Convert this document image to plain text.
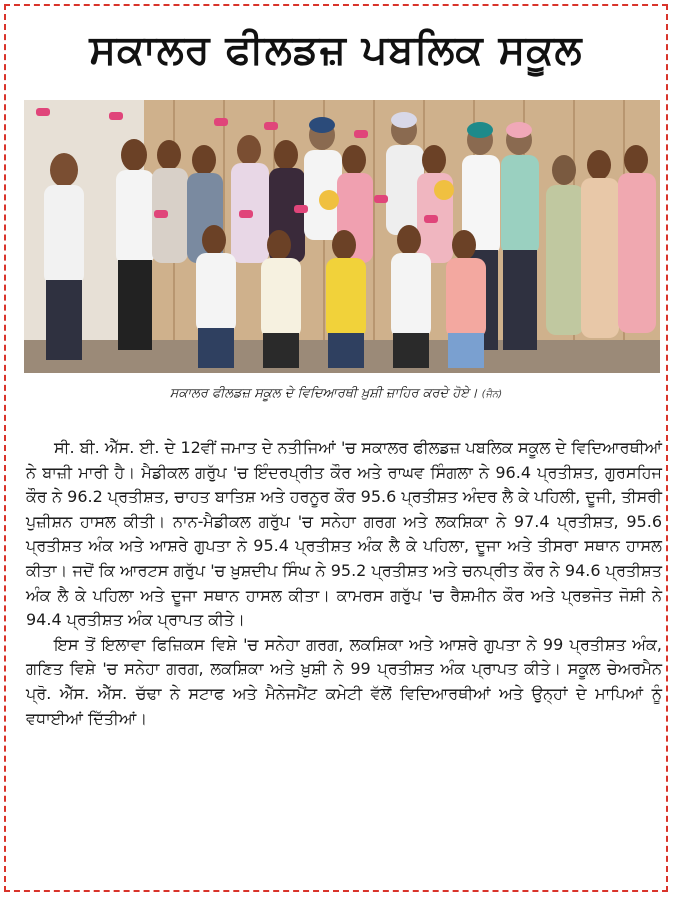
ਸਕਾਲਰ ਫੀਲਡਜ਼ ਪਬਲਿਕ ਸਕੂਲ
ਸਕਾਲਰ ਫੀਲਡਜ਼ ਸਕੂਲ ਦੇ ਵਿਦਿਆਰਥੀ ਖ਼ੁਸ਼ੀ ਜ਼ਾਹਿਰ ਕਰਦੇ ਹੋਏ। (ਜੈਨ)

ਸੀ. ਬੀ. ਐੱਸ. ਈ. ਦੇ 12ਵੀਂ ਜਮਾਤ ਦੇ ਨਤੀਜਿਆਂ 'ਚ ਸਕਾਲਰ ਫੀਲਡਜ਼ ਪਬਲਿਕ ਸਕੂਲ ਦੇ ਵਿਦਿਆਰਥੀਆਂ ਨੇ ਬਾਜ਼ੀ ਮਾਰੀ ਹੈ। ਮੈਡੀਕਲ ਗਰੁੱਪ 'ਚ ਇੰਦਰਪ੍ਰੀਤ ਕੌਰ ਅਤੇ ਰਾਘਵ ਸਿੰਗਲਾ ਨੇ 96.4 ਪ੍ਰਤੀਸ਼ਤ, ਗੁਰਸਹਿਜ ਕੌਰ ਨੇ 96.2 ਪ੍ਰਤੀਸ਼ਤ, ਚਾਹਤ ਬਾਤਿਸ਼ ਅਤੇ ਹਰਨੂਰ ਕੌਰ 95.6 ਪ੍ਰਤੀਸ਼ਤ ਅੰਦਰ ਲੈ ਕੇ ਪਹਿਲੀ, ਦੂਜੀ, ਤੀਸਰੀ ਪੁਜ਼ੀਸ਼ਨ ਹਾਸਲ ਕੀਤੀ। ਨਾਨ-ਮੈਡੀਕਲ ਗਰੁੱਪ 'ਚ ਸਨੇਹਾ ਗਰਗ ਅਤੇ ਲਕਸ਼ਿਕਾ ਨੇ 97.4 ਪ੍ਰਤੀਸ਼ਤ, 95.6 ਪ੍ਰਤੀਸ਼ਤ ਅੰਕ ਅਤੇ ਆਸ਼ਰੇ ਗੁਪਤਾ ਨੇ 95.4 ਪ੍ਰਤੀਸ਼ਤ ਅੰਕ ਲੈ ਕੇ ਪਹਿਲਾ, ਦੂਜਾ ਅਤੇ ਤੀਸਰਾ ਸਥਾਨ ਹਾਸਲ ਕੀਤਾ। ਜਦੋਂ ਕਿ ਆਰਟਸ ਗਰੁੱਪ 'ਚ ਖ਼ੁਸ਼ਦੀਪ ਸਿੰਘ ਨੇ 95.2 ਪ੍ਰਤੀਸ਼ਤ ਅਤੇ ਚਨਪ੍ਰੀਤ ਕੌਰ ਨੇ 94.6 ਪ੍ਰਤੀਸ਼ਤ ਅੰਕ ਲੈ ਕੇ ਪਹਿਲਾ ਅਤੇ ਦੂਜਾ ਸਥਾਨ ਹਾਸਲ ਕੀਤਾ। ਕਾਮਰਸ ਗਰੁੱਪ 'ਚ ਰੈਸ਼ਮੀਨ ਕੌਰ ਅਤੇ ਪ੍ਰਭਜੋਤ ਜੋਸ਼ੀ ਨੇ 94.4 ਪ੍ਰਤੀਸ਼ਤ ਅੰਕ ਪ੍ਰਾਪਤ ਕੀਤੇ।

ਇਸ ਤੋਂ ਇਲਾਵਾ ਫਿਜ਼ਿਕਸ ਵਿਸ਼ੇ 'ਚ ਸਨੇਹਾ ਗਰਗ, ਲਕਸ਼ਿਕਾ ਅਤੇ ਆਸ਼ਰੇ ਗੁਪਤਾ ਨੇ 99 ਪ੍ਰਤੀਸ਼ਤ ਅੰਕ, ਗਣਿਤ ਵਿਸ਼ੇ 'ਚ ਸਨੇਹਾ ਗਰਗ, ਲਕਸ਼ਿਕਾ ਅਤੇ ਖ਼ੁਸ਼ੀ ਨੇ 99 ਪ੍ਰਤੀਸ਼ਤ ਅੰਕ ਪ੍ਰਾਪਤ ਕੀਤੇ। ਸਕੂਲ ਚੇਅਰਮੈਨ ਪ੍ਰੋ. ਐੱਸ. ਐੱਸ. ਚੱਢਾ ਨੇ ਸਟਾਫ ਅਤੇ ਮੈਨੇਜਮੈਂਟ ਕਮੇਟੀ ਵੱਲੋਂ ਵਿਦਿਆਰਥੀਆਂ ਅਤੇ ਉਨ੍ਹਾਂ ਦੇ ਮਾਪਿਆਂ ਨੂੰ ਵਧਾਈਆਂ ਦਿੱਤੀਆਂ।
